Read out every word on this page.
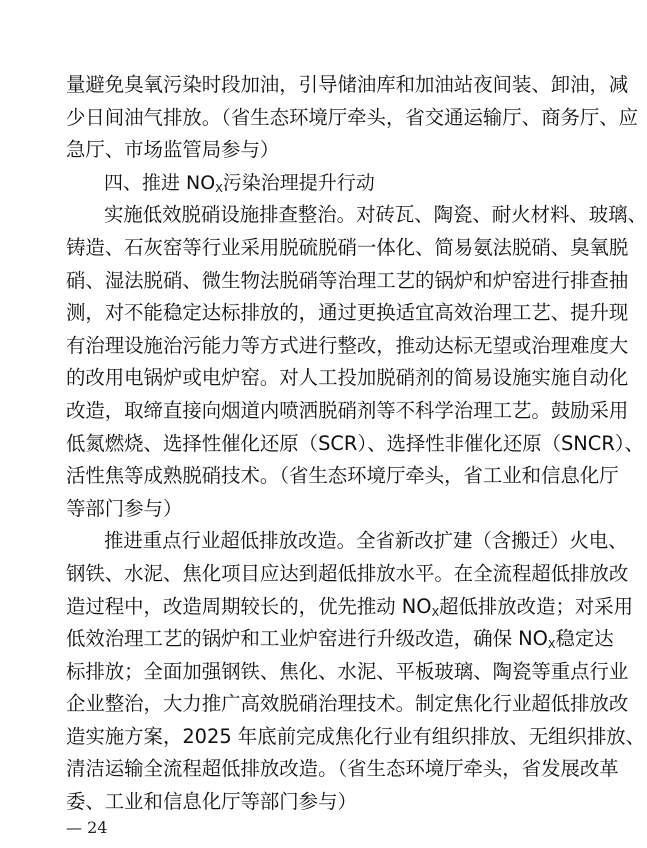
量避免臭氧污染时段加油，引导储油库和加油站夜间装、卸油，减
少日间油气排放。（省生态环境厅牵头，省交通运输厅、商务厅、应
急厅、市场监管局参与）
四、推进 $NO_X$污染治理提升行动
实施低效脱硝设施排查整治。对砖瓦、陶瓷、耐火材料、玻璃、
铸造、石灰窑等行业采用脱硫脱硝一体化、简易氨法脱硝、臭氧脱
硝、湿法脱硝、微生物法脱硝等治理工艺的锅炉和炉窑进行排查抽
测，对不能稳定达标排放的，通过更换适宜高效治理工艺、提升现
有治理设施治污能力等方式进行整改，推动达标无望或治理难度大
的改用电锅炉或电炉窑。对人工投加脱硝剂的简易设施实施自动化
改造，取缔直接向烟道内喷洒脱硝剂等不科学治理工艺。鼓励采用
低氮燃烧、选择性催化还原（SCR）、选择性非催化还原（SNCR）、
活性焦等成熟脱硝技术。（省生态环境厅牵头，省工业和信息化厅
等部门参与）
推进重点行业超低排放改造。全省新改扩建（含搬迁）火电、
钢铁、水泥、焦化项目应达到超低排放水平。在全流程超低排放改
造过程中，改造周期较长的，优先推动 $NO_X$超低排放改造；对采用
低效治理工艺的锅炉和工业炉窑进行升级改造，确保 $NO_X$稳定达
标排放；全面加强钢铁、焦化、水泥、平板玻璃、陶瓷等重点行业
企业整治，大力推广高效脱硝治理技术。制定焦化行业超低排放改
造实施方案，2025 年底前完成焦化行业有组织排放、无组织排放、
清洁运输全流程超低排放改造。（省生态环境厅牵头，省发展改革
委、工业和信息化厅等部门参与）
— 24
